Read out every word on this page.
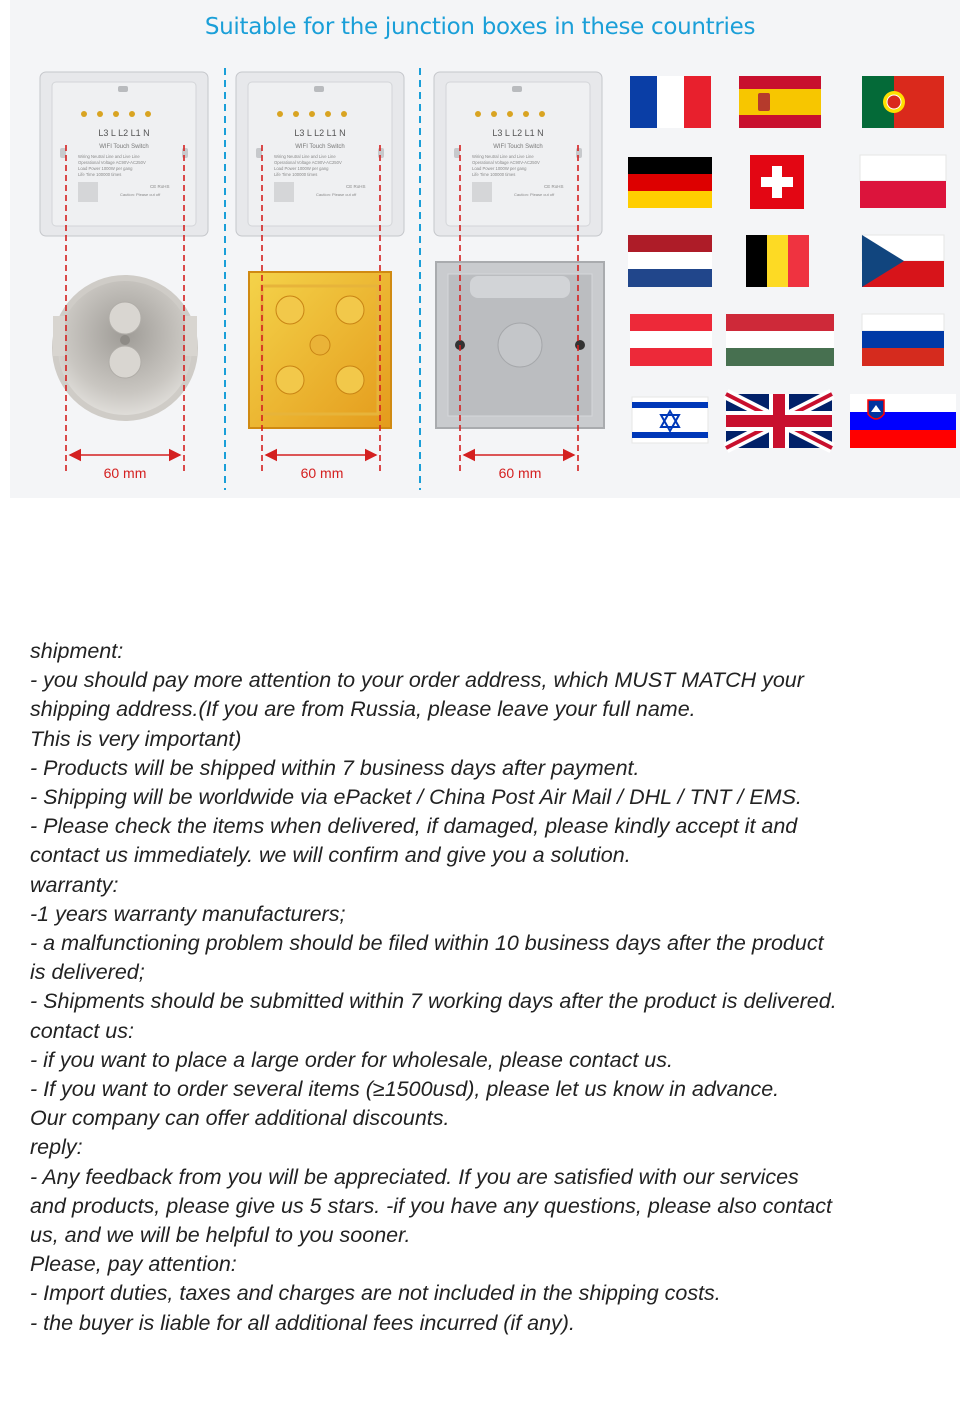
L3 L L2 L1 N
WIFI Touch Switch
Wiring Neutral Line and Live Line
Operational Voltage AC90V-AC250V
Load Power 1000W per gang
Life Time 100000 times
CE RoHS
Caution: Please cut off
60 mm
L3 L L2 L1 N
WIFI Touch Switch
Wiring Neutral Line and Live Line
Operational Voltage AC90V-AC250V
Load Power 1000W per gang
Life Time 100000 times
CE RoHS
Caution: Please cut off
60 mm
L3 L L2 L1 N
WIFI Touch Switch
Wiring Neutral Line and Live Line
Operational Voltage AC90V-AC250V
Load Power 1000W per gang
Life Time 100000 times
CE RoHS
Caution: Please cut off
60 mm
Suitable for the junction boxes in these countries

shipment:

- you should pay more attention to your order address, which MUST MATCH your

shipping address.(If you are from Russia, please leave your full name.

This is very important)

- Products will be shipped within 7 business days after payment.

- Shipping will be worldwide via ePacket / China Post Air Mail / DHL / TNT / EMS.

- Please check the items when delivered, if damaged, please kindly accept it and

contact us immediately. we will confirm and give you a solution.

warranty:

-1 years warranty manufacturers;

- a malfunctioning problem should be filed within 10 business days after the product

is delivered;

- Shipments should be submitted within 7 working days after the product is delivered.

contact us:

- if you want to place a large order for wholesale, please contact us.

- If you want to order several items (≥1500usd), please let us know in advance.

Our company can offer additional discounts.

reply:

- Any feedback from you will be appreciated. If you are satisfied with our services

and products, please give us 5 stars. -if you have any questions, please also contact

us, and we will be helpful to you sooner.

Please, pay attention:

- Import duties, taxes and charges are not included in the shipping costs.

- the buyer is liable for all additional fees incurred (if any).
